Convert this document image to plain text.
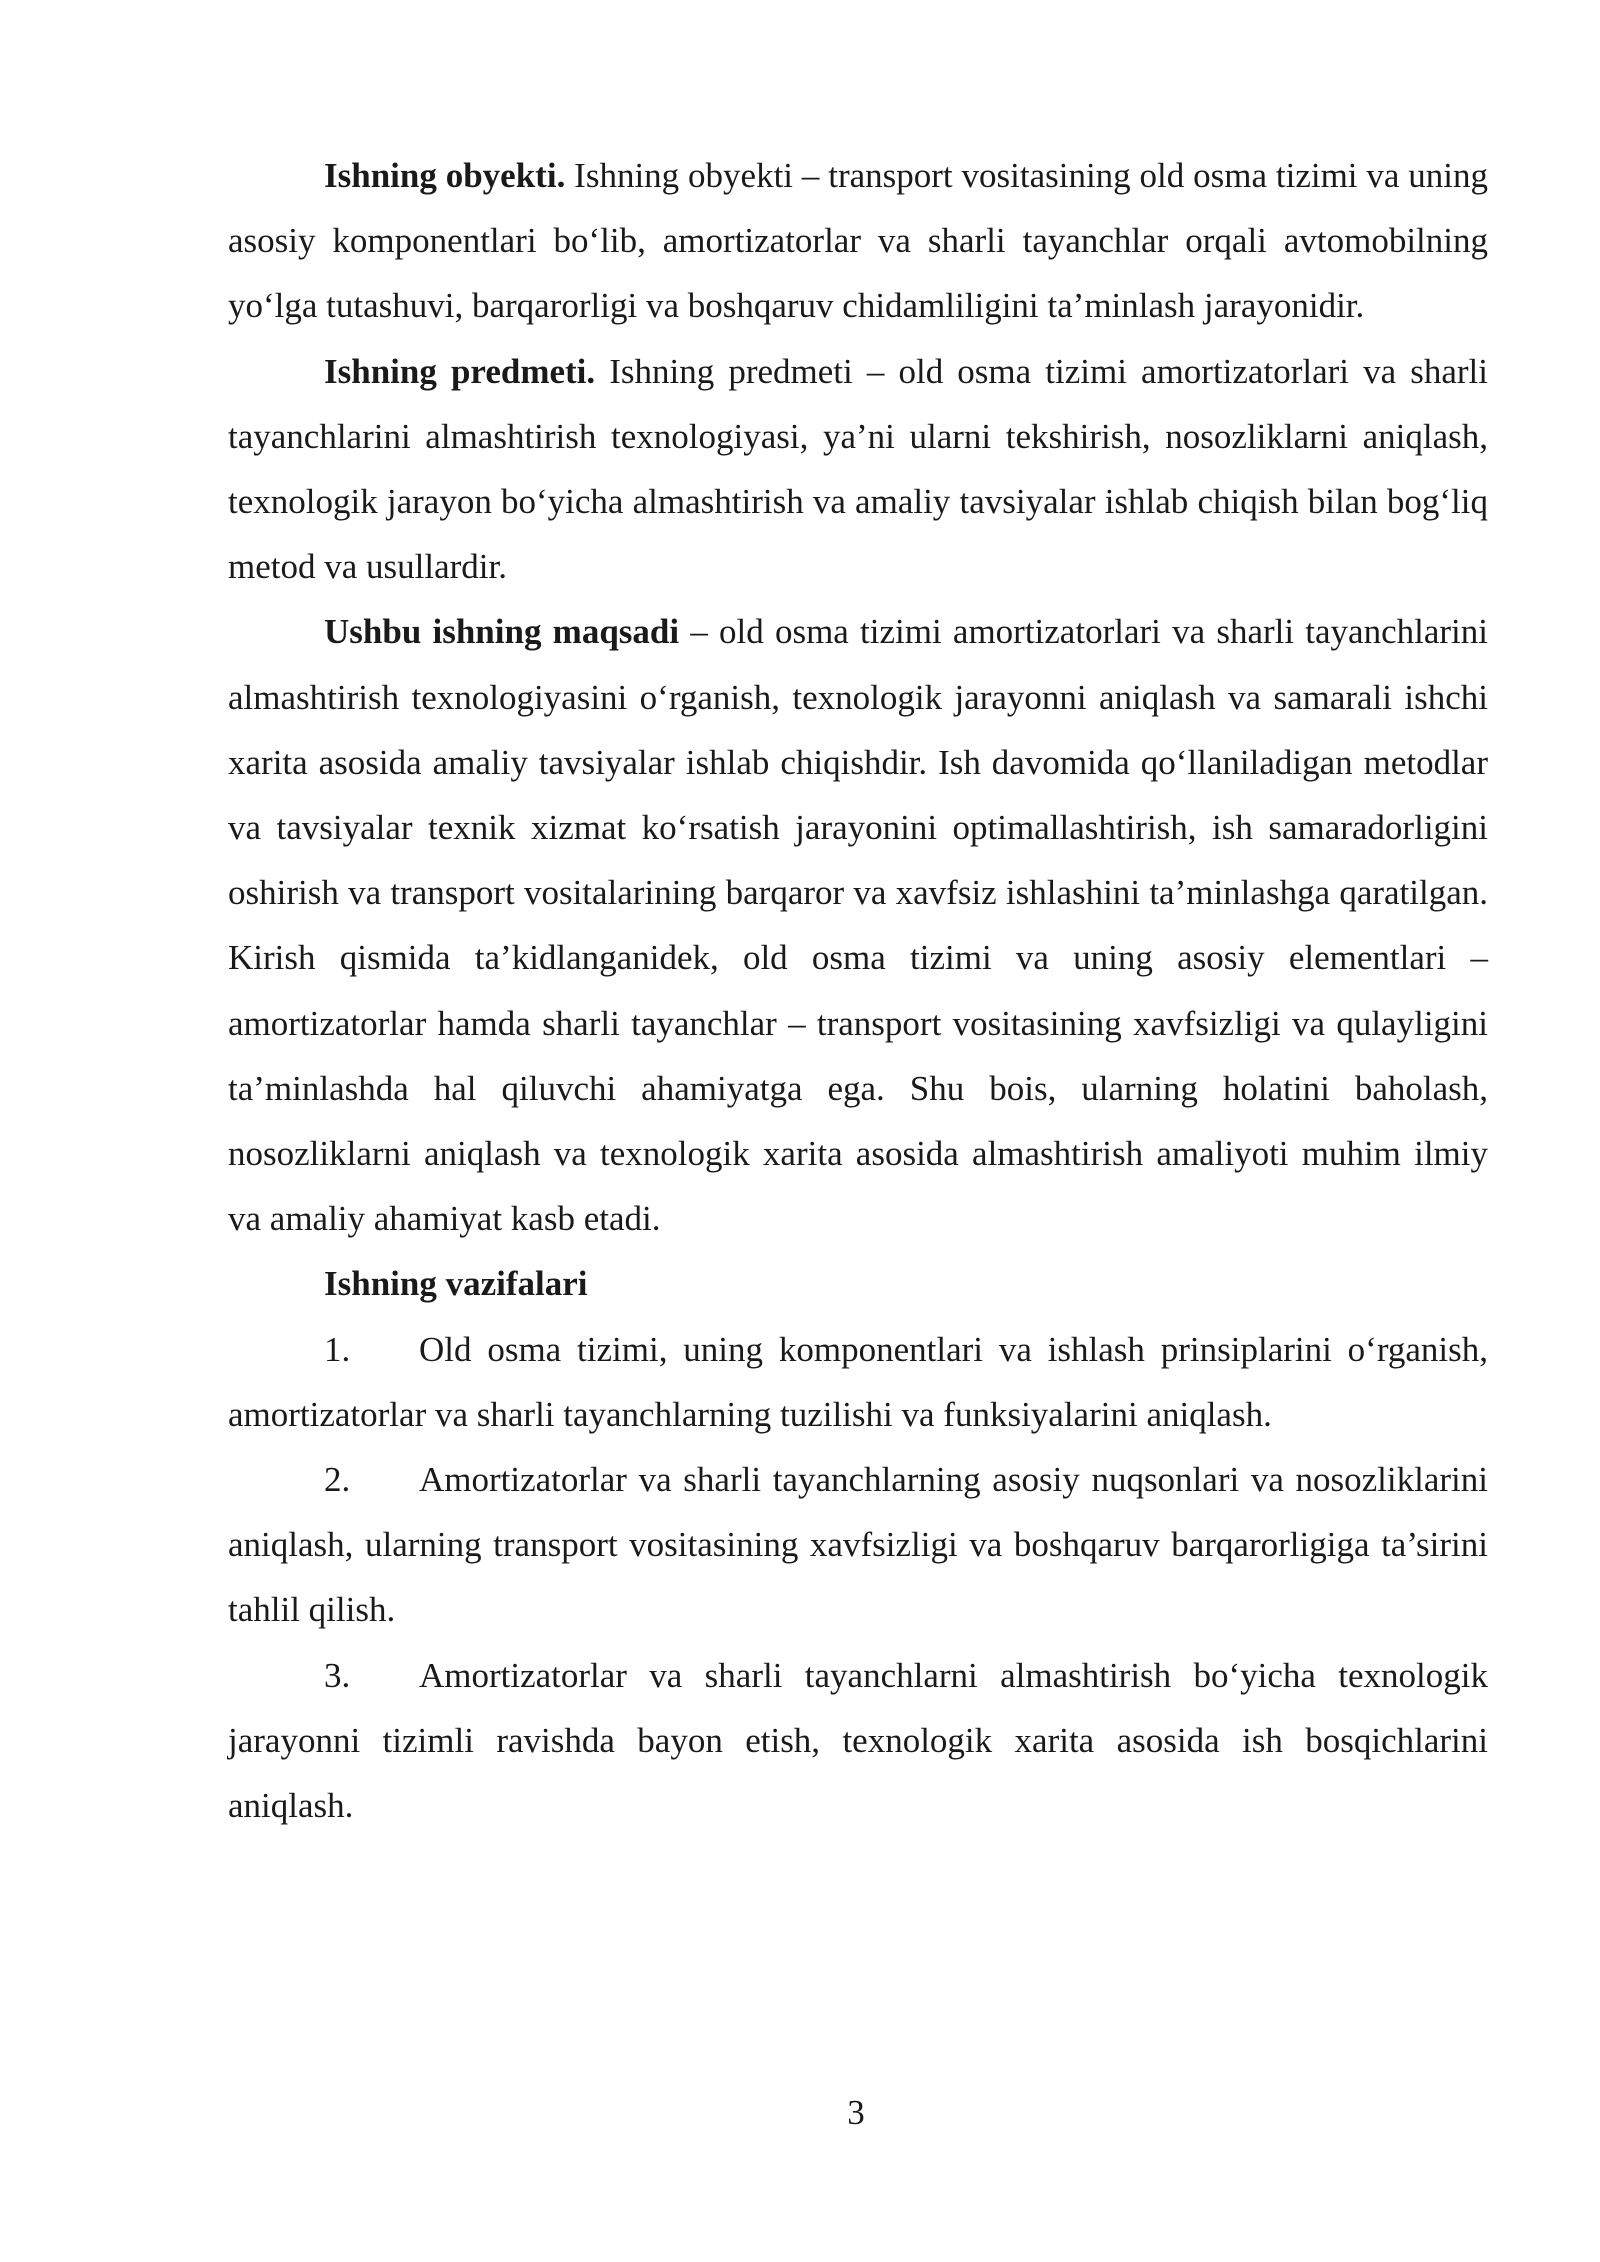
Ishning obyekti. Ishning obyekti – transport vositasining old osma tizimi va uning asosiy komponentlari bo‘lib, amortizatorlar va sharli tayanchlar orqali avtomobilning yo‘lga tutashuvi, barqarorligi va boshqaruv chidamliligini ta’minlash jarayonidir.

Ishning predmeti. Ishning predmeti – old osma tizimi amortizatorlari va sharli tayanchlarini almashtirish texnologiyasi, ya’ni ularni tekshirish, nosozliklarni aniqlash, texnologik jarayon bo‘yicha almashtirish va amaliy tavsiyalar ishlab chiqish bilan bog‘liq metod va usullardir.

Ushbu ishning maqsadi – old osma tizimi amortizatorlari va sharli tayanchlarini almashtirish texnologiyasini o‘rganish, texnologik jarayonni aniqlash va samarali ishchi xarita asosida amaliy tavsiyalar ishlab chiqishdir. Ish davomida qo‘llaniladigan metodlar va tavsiyalar texnik xizmat ko‘rsatish jarayonini optimallashtirish, ish samaradorligini oshirish va transport vositalarining barqaror va xavfsiz ishlashini ta’minlashga qaratilgan. Kirish qismida ta’kidlanganidek, old osma tizimi va uning asosiy elementlari – amortizatorlar hamda sharli tayanchlar – transport vositasining xavfsizligi va qulayligini ta’minlashda hal qiluvchi ahamiyatga ega. Shu bois, ularning holatini baholash, nosozliklarni aniqlash va texnologik xarita asosida almashtirish amaliyoti muhim ilmiy va amaliy ahamiyat kasb etadi.

Ishning vazifalari

1. Old osma tizimi, uning komponentlari va ishlash prinsiplarini o‘rganish, amortizatorlar va sharli tayanchlarning tuzilishi va funksiyalarini aniqlash.

2. Amortizatorlar va sharli tayanchlarning asosiy nuqsonlari va nosozliklarini aniqlash, ularning transport vositasining xavfsizligi va boshqaruv barqarorligiga ta’sirini tahlil qilish.

3. Amortizatorlar va sharli tayanchlarni almashtirish bo‘yicha texnologik jarayonni tizimli ravishda bayon etish, texnologik xarita asosida ish bosqichlarini aniqlash.

3
